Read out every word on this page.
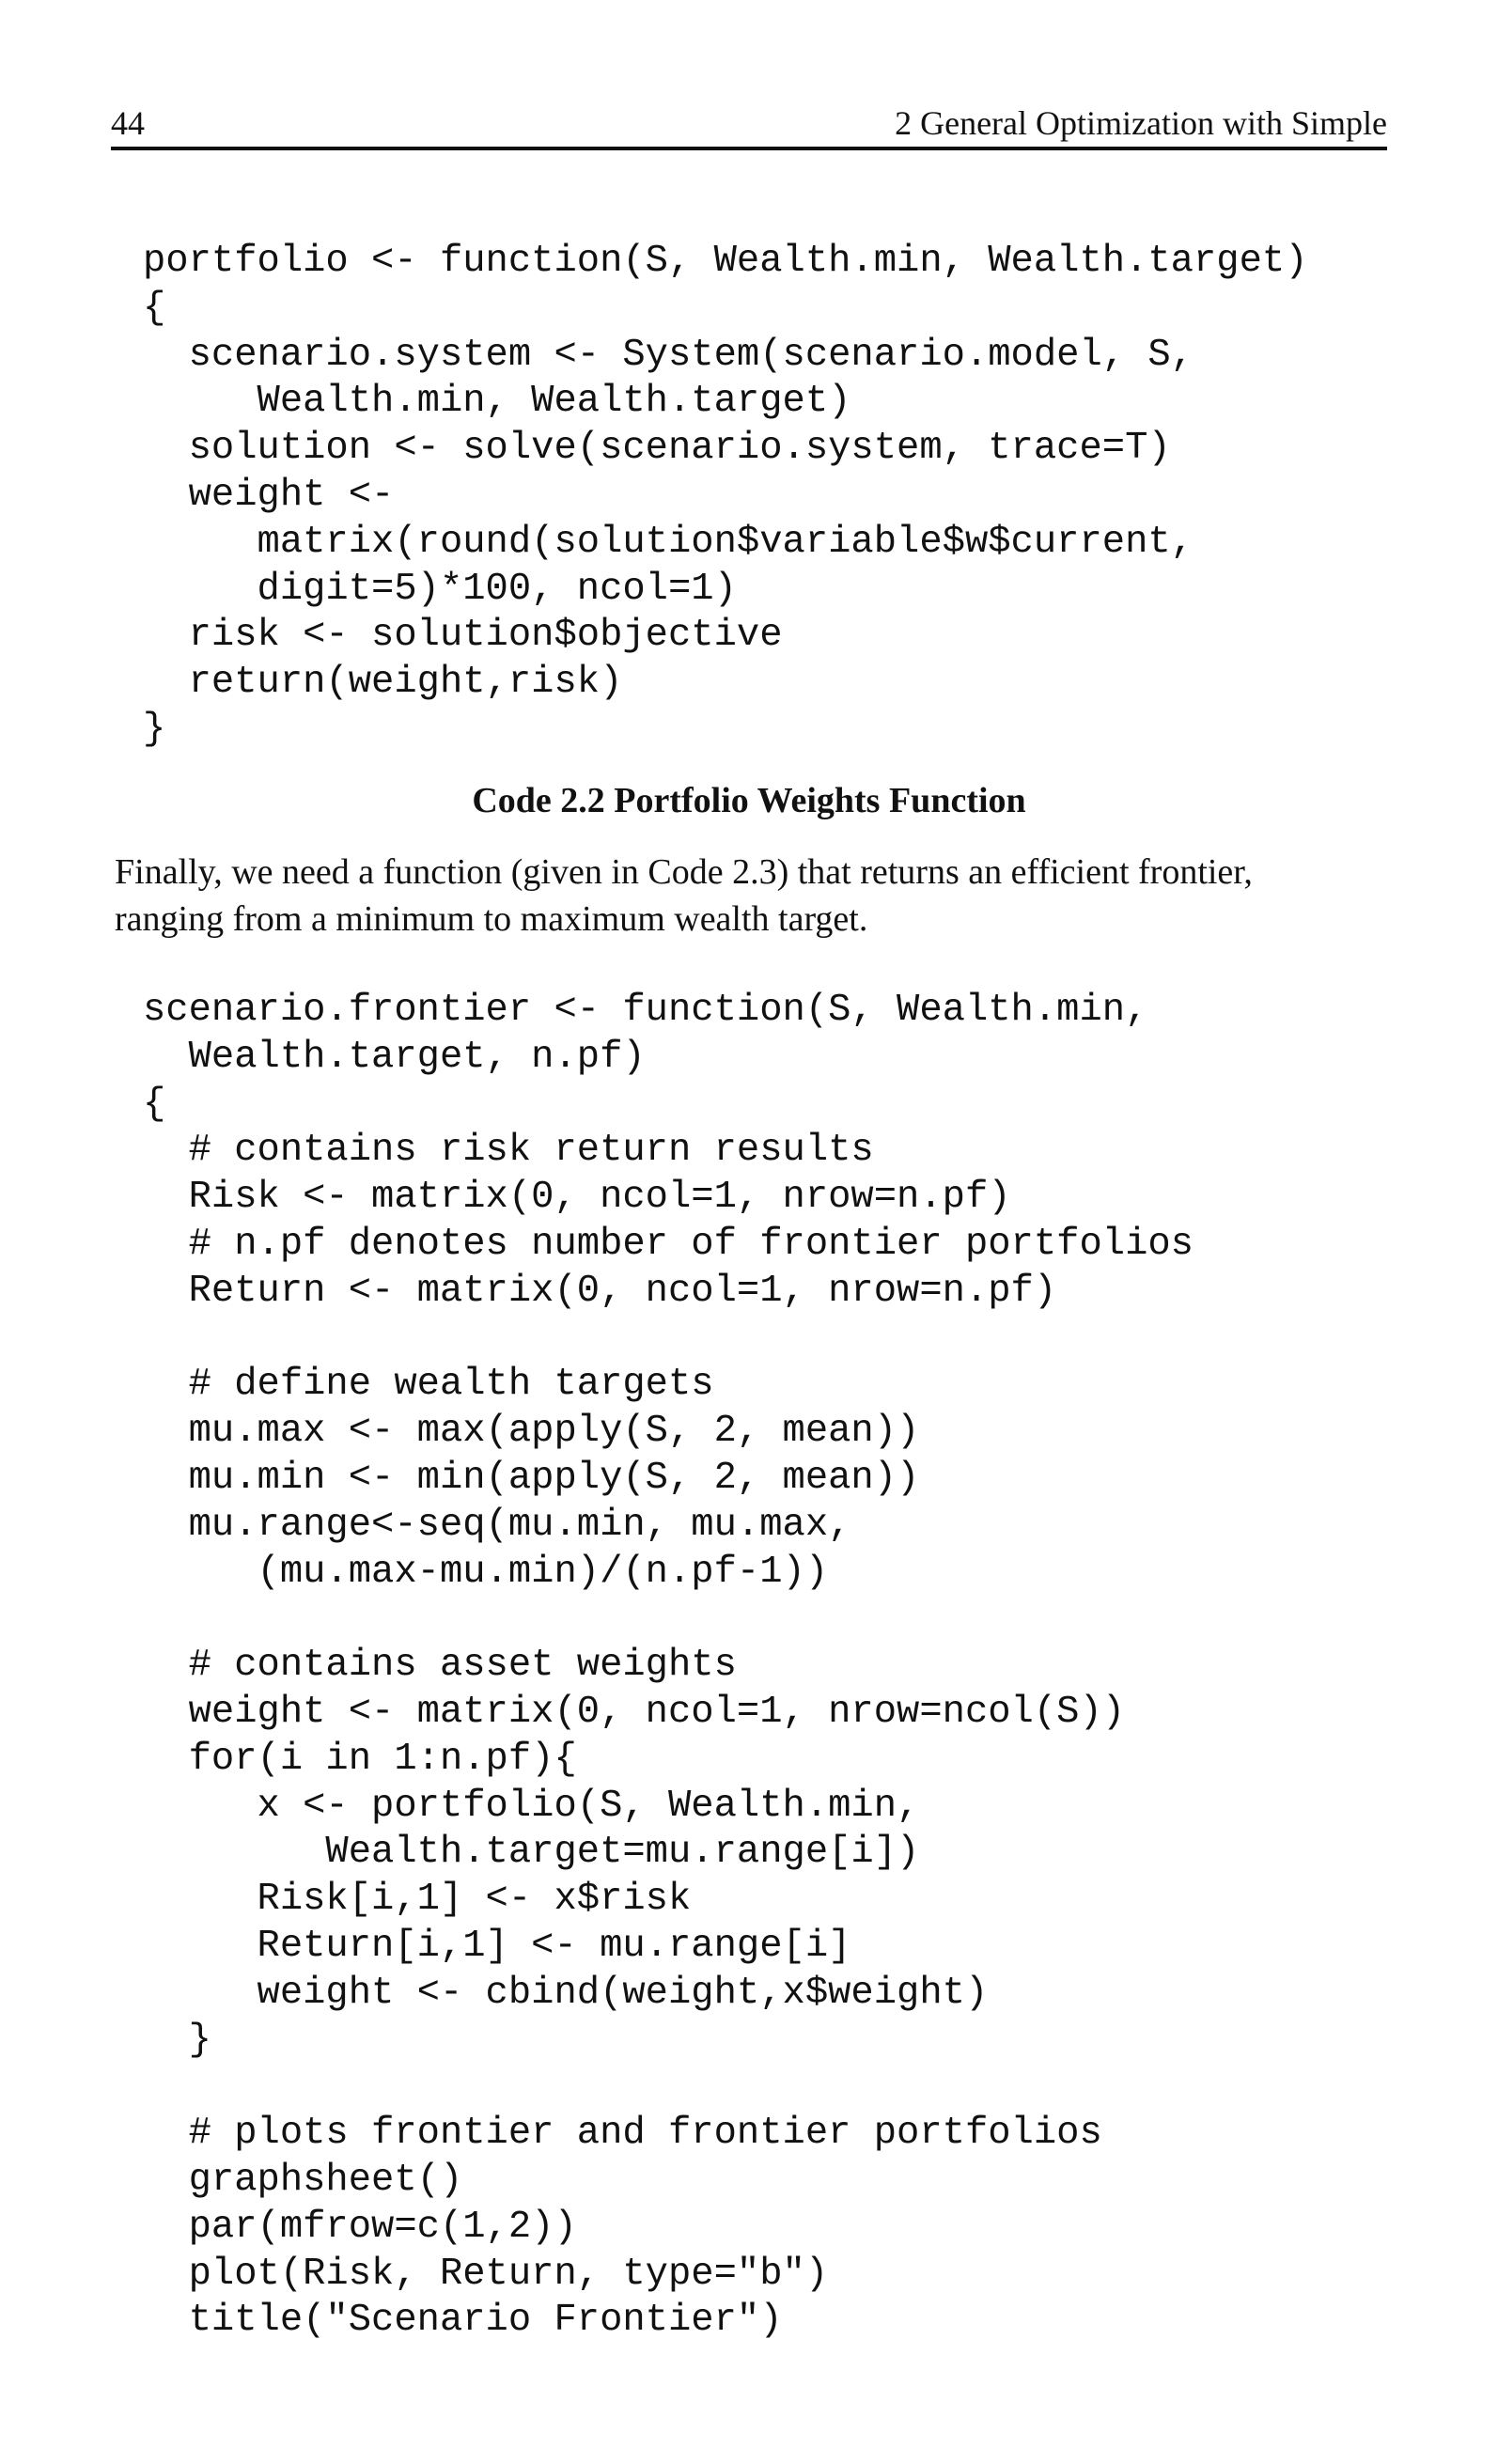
44	2 General Optimization with Simple
portfolio <- function(S, Wealth.min, Wealth.target)
{
scenario.system <- System(scenario.model, S,
Wealth.min, Wealth.target)
solution <- solve(scenario.system, trace=T)
weight <-
matrix(round(solution$variable$w$current,
digit=5)*100, ncol=1)
risk <- solution$objective
return(weight,risk)
}
Code 2.2 Portfolio Weights Function
Finally, we need a function (given in Code 2.3) that returns an efficient frontier,
ranging from a minimum to maximum wealth target.
scenario.frontier <- function(S, Wealth.min,
Wealth.target, n.pf)
{
# contains risk return results
Risk <- matrix(0, ncol=1, nrow=n.pf)
# n.pf denotes number of frontier portfolios
Return <- matrix(0, ncol=1, nrow=n.pf)
# define wealth targets
mu.max <- max(apply(S, 2, mean))
mu.min <- min(apply(S, 2, mean))
mu.range<-seq(mu.min, mu.max,
(mu.max-mu.min)/(n.pf-1))
# contains asset weights
weight <- matrix(0, ncol=1, nrow=ncol(S))
for(i in 1:n.pf){
x <- portfolio(S, Wealth.min,
Wealth.target=mu.range[i])
Risk[i,1] <- x$risk
Return[i,1] <- mu.range[i]
weight <- cbind(weight,x$weight)
}
# plots frontier and frontier portfolios
graphsheet()
par(mfrow=c(1,2))
plot(Risk, Return, type="b")
title("Scenario Frontier")
